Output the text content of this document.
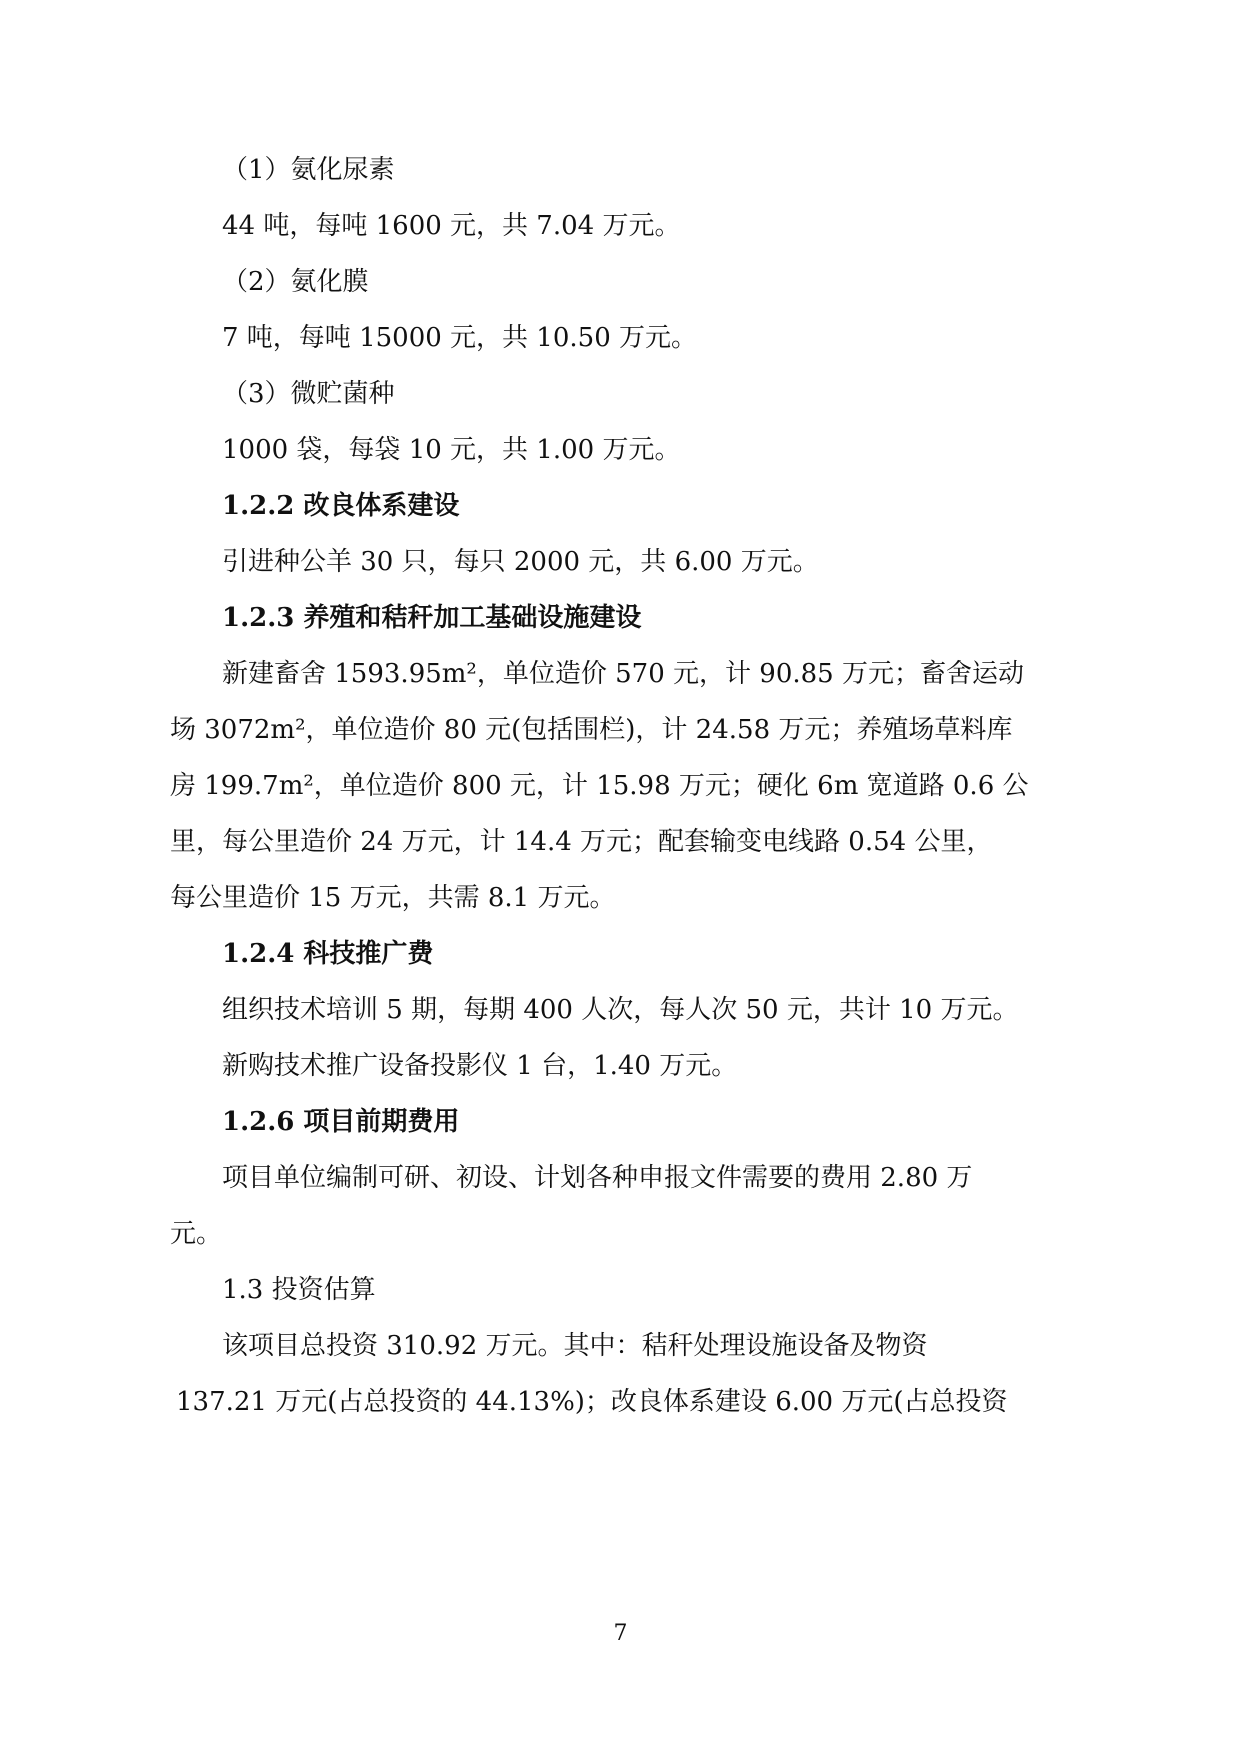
（1）氨化尿素
44 吨，每吨 1600 元，共 7.04 万元。
（2）氨化膜
7 吨，每吨 15000 元，共 10.50 万元。
（3）微贮菌种
1000 袋，每袋 10 元，共 1.00 万元。
1.2.2 改良体系建设
引进种公羊 30 只，每只 2000 元，共 6.00 万元。
1.2.3 养殖和秸秆加工基础设施建设
新建畜舍 1593.95m²，单位造价 570 元，计 90.85 万元；畜舍运动
场 3072m²，单位造价 80 元(包括围栏)，计 24.58 万元；养殖场草料库
房 199.7m²，单位造价 800 元，计 15.98 万元；硬化 6m 宽道路 0.6 公
里，每公里造价 24 万元，计 14.4 万元；配套输变电线路 0.54 公里，
每公里造价 15 万元，共需 8.1 万元。
1.2.4 科技推广费
组织技术培训 5 期，每期 400 人次，每人次 50 元，共计 10 万元。
新购技术推广设备投影仪 1 台，1.40 万元。
1.2.6 项目前期费用
项目单位编制可研、初设、计划各种申报文件需要的费用 2.80 万
元。
1.3 投资估算
该项目总投资 310.92 万元。其中：秸秆处理设施设备及物资
137.21 万元(占总投资的 44.13%)；改良体系建设 6.00 万元(占总投资
7
